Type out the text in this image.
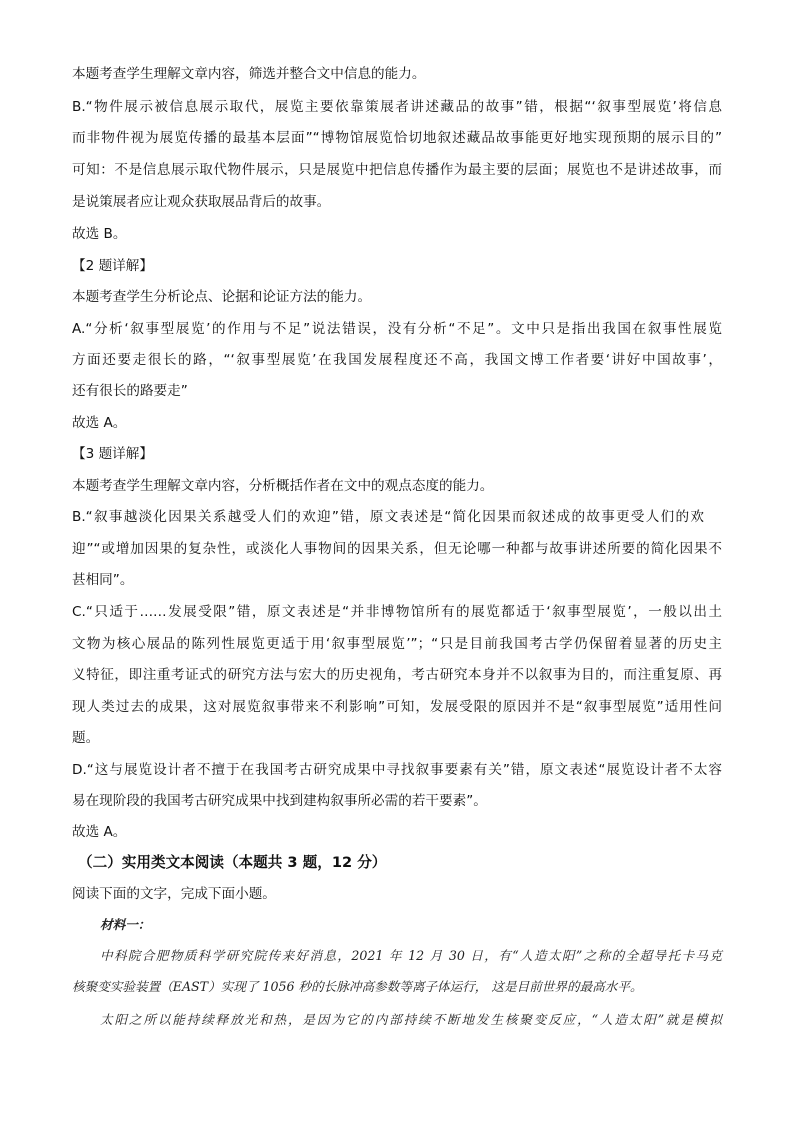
本题考查学生理解文章内容，筛选并整合文中信息的能力。
B.“物件展示被信息展示取代，展览主要依靠策展者讲述藏品的故事”错，根据“‘叙事型展览’将信息
而非物件视为展览传播的最基本层面”“博物馆展览恰切地叙述藏品故事能更好地实现预期的展示目的”
可知：不是信息展示取代物件展示，只是展览中把信息传播作为最主要的层面；展览也不是讲述故事，而
是说策展者应让观众获取展品背后的故事。
故选 B。
【2 题详解】
本题考查学生分析论点、论据和论证方法的能力。
A.“分析‘叙事型展览’的作用与不足”说法错误，没有分析“不足”。文中只是指出我国在叙事性展览
方面还要走很长的路，“‘叙事型展览’在我国发展程度还不高，我国文博工作者要‘讲好中国故事’，
还有很长的路要走”
故选 A。
【3 题详解】
本题考查学生理解文章内容，分析概括作者在文中的观点态度的能力。
B.“叙事越淡化因果关系越受人们的欢迎”错，原文表述是“简化因果而叙述成的故事更受人们的欢
迎”“或增加因果的复杂性，或淡化人事物间的因果关系，但无论哪一种都与故事讲述所要的简化因果不
甚相同”。
C.“只适于……发展受限”错，原文表述是“并非博物馆所有的展览都适于‘叙事型展览’，一般以出土
文物为核心展品的陈列性展览更适于用‘叙事型展览’”；“只是目前我国考古学仍保留着显著的历史主
义特征，即注重考证式的研究方法与宏大的历史视角，考古研究本身并不以叙事为目的，而注重复原、再
现人类过去的成果，这对展览叙事带来不利影响”可知，发展受限的原因并不是“叙事型展览”适用性问
题。
D.“这与展览设计者不擅于在我国考古研究成果中寻找叙事要素有关”错，原文表述“展览设计者不太容
易在现阶段的我国考古研究成果中找到建构叙事所必需的若干要素”。
故选 A。
（二）实用类文本阅读（本题共 3 题，12 分）
阅读下面的文字，完成下面小题。
材料一：
中科院合肥物质科学研究院传来好消息，2021 年 12 月 30 日，有“人造太阳”之称的全超导托卡马克
核聚变实验装置（EAST）实现了 1056 秒的长脉冲高参数等离子体运行， 这是目前世界的最高水平。
太阳之所以能持续释放光和热，是因为它的内部持续不断地发生核聚变反应，“人造太阳”就是模拟
